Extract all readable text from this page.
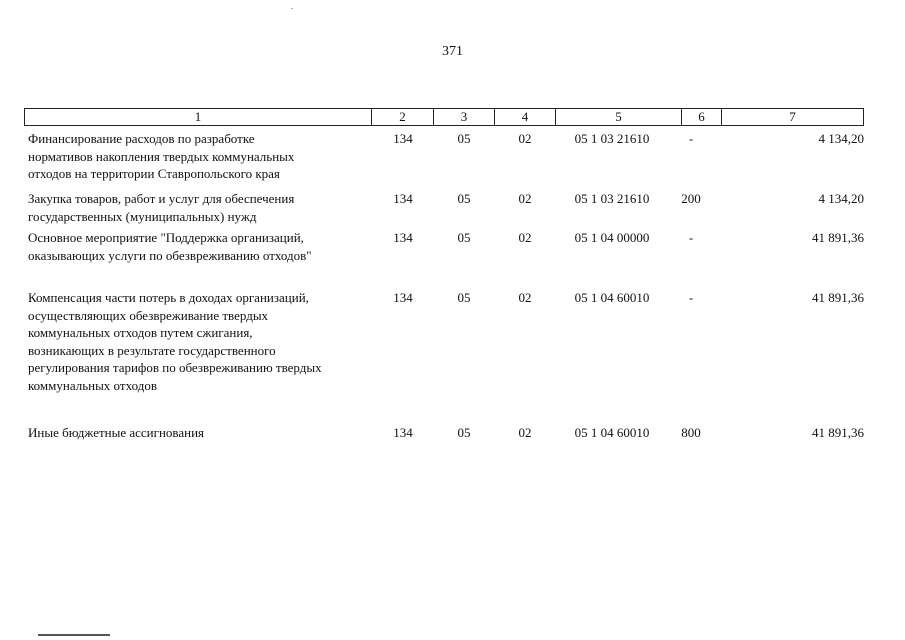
371
1	2	3	4	5	6	7
Финансирование расходов по разработке
нормативов накопления твердых коммунальных
отходов на территории Ставропольского края
134	05	02	05 1 03 21610	-	4 134,20
Закупка товаров, работ и услуг для обеспечения
государственных (муниципальных) нужд
134	05	02	05 1 03 21610	200	4 134,20
Основное мероприятие "Поддержка организаций,
оказывающих услуги по обезвреживанию отходов"
134	05	02	05 1 04 00000	-	41 891,36
Компенсация части потерь в доходах организаций,
осуществляющих обезвреживание твердых
коммунальных отходов путем сжигания,
возникающих в результате государственного
регулирования тарифов по обезвреживанию твердых
коммунальных отходов
134	05	02	05 1 04 60010	-	41 891,36
Иные бюджетные ассигнования	134	05	02	05 1 04 60010	800	41 891,36
